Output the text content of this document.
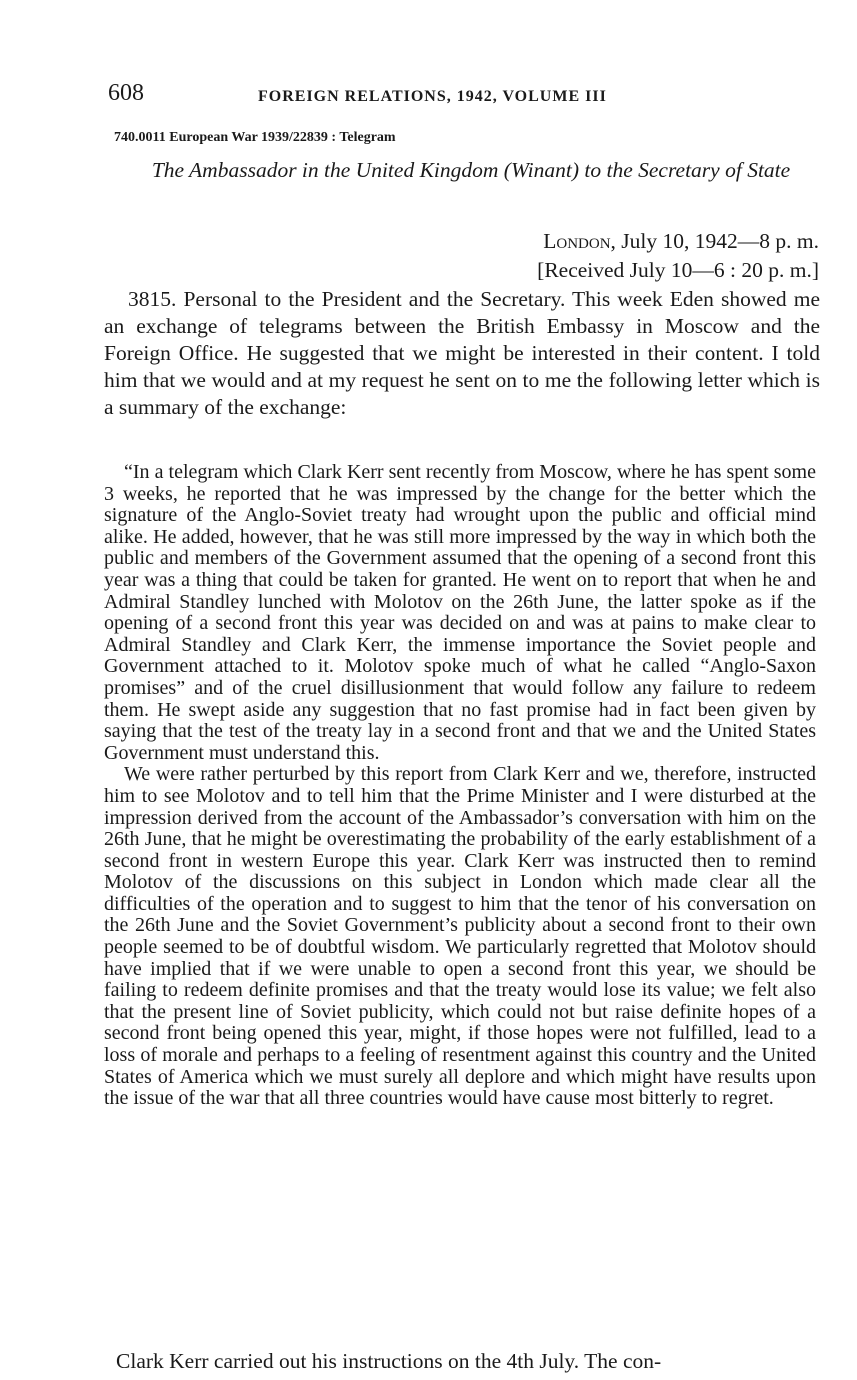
608	FOREIGN RELATIONS, 1942, VOLUME III
740.0011 European War 1939/22839 : Telegram
The Ambassador in the United Kingdom (Winant) to the Secretary of State
London, July 10, 1942—8 p. m.
[Received July 10—6 : 20 p. m.]

3815. Personal to the President and the Secretary. This week Eden showed me an exchange of telegrams between the British Embassy in Moscow and the Foreign Office. He suggested that we might be interested in their content. I told him that we would and at my request he sent on to me the following letter which is a summary of the exchange:

“In a telegram which Clark Kerr sent recently from Moscow, where he has spent some 3 weeks, he reported that he was impressed by the change for the better which the signature of the Anglo-Soviet treaty had wrought upon the public and official mind alike. He added, however, that he was still more impressed by the way in which both the public and members of the Government assumed that the opening of a second front this year was a thing that could be taken for granted. He went on to report that when he and Admiral Standley lunched with Molotov on the 26th June, the latter spoke as if the opening of a second front this year was decided on and was at pains to make clear to Admiral Standley and Clark Kerr, the immense importance the Soviet people and Government attached to it. Molotov spoke much of what he called “Anglo-Saxon promises” and of the cruel disillusionment that would follow any failure to redeem them. He swept aside any suggestion that no fast promise had in fact been given by saying that the test of the treaty lay in a second front and that we and the United States Government must understand this.

We were rather perturbed by this report from Clark Kerr and we, therefore, instructed him to see Molotov and to tell him that the Prime Minister and I were disturbed at the impression derived from the account of the Ambassador’s conversation with him on the 26th June, that he might be overestimating the probability of the early establishment of a second front in western Europe this year. Clark Kerr was instructed then to remind Molotov of the discussions on this subject in London which made clear all the difficulties of the operation and to suggest to him that the tenor of his conversation on the 26th June and the Soviet Government’s publicity about a second front to their own people seemed to be of doubtful wisdom. We particularly regretted that Molotov should have implied that if we were unable to open a second front this year, we should be failing to redeem definite promises and that the treaty would lose its value; we felt also that the present line of Soviet publicity, which could not but raise definite hopes of a second front being opened this year, might, if those hopes were not fulfilled, lead to a loss of morale and perhaps to a feeling of resentment against this country and the United States of America which we must surely all deplore and which might have results upon the issue of the war that all three countries would have cause most bitterly to regret.

Clark Kerr carried out his instructions on the 4th July. The con-
